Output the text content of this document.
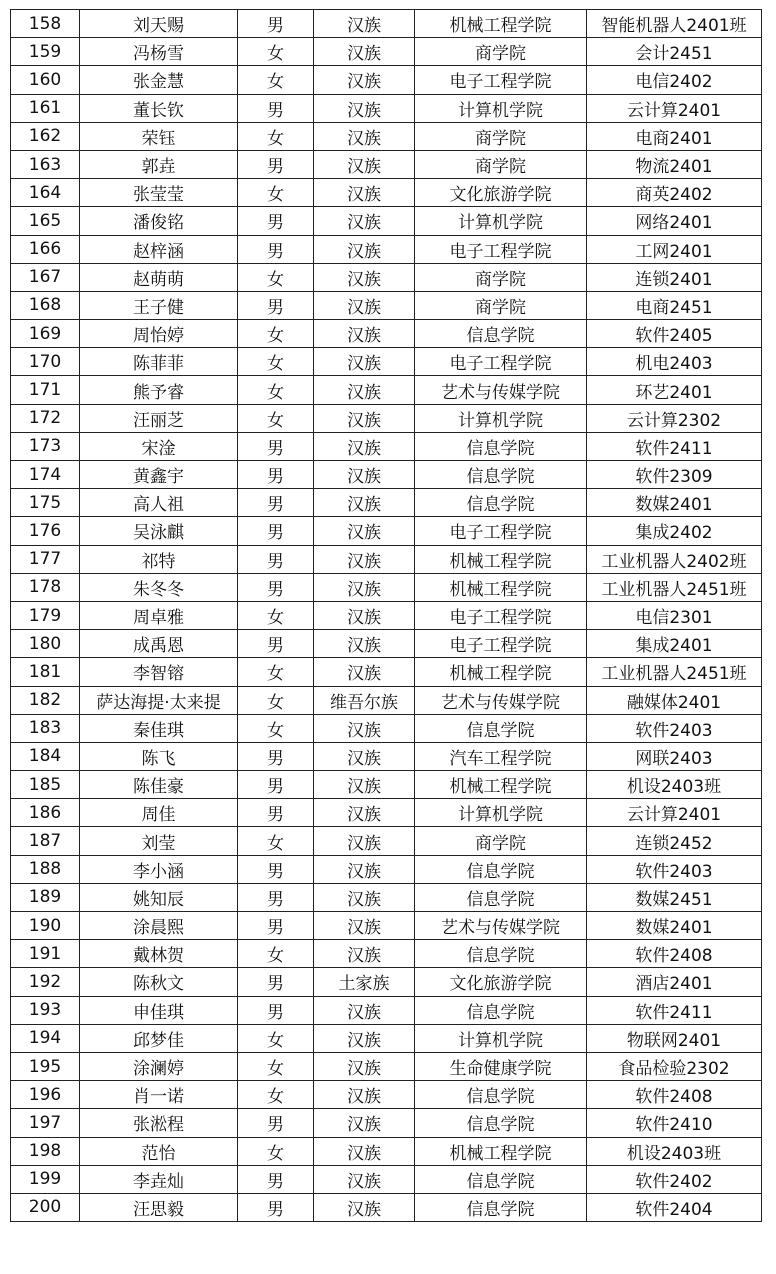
158	刘天赐	男	汉族	机械工程学院	智能机器人2401班
159	冯杨雪	女	汉族	商学院	会计2451
160	张金慧	女	汉族	电子工程学院	电信2402
161	董长钦	男	汉族	计算机学院	云计算2401
162	荣钰	女	汉族	商学院	电商2401
163	郭垚	男	汉族	商学院	物流2401
164	张莹莹	女	汉族	文化旅游学院	商英2402
165	潘俊铭	男	汉族	计算机学院	网络2401
166	赵梓涵	男	汉族	电子工程学院	工网2401
167	赵萌萌	女	汉族	商学院	连锁2401
168	王子健	男	汉族	商学院	电商2451
169	周怡婷	女	汉族	信息学院	软件2405
170	陈菲菲	女	汉族	电子工程学院	机电2403
171	熊予睿	女	汉族	艺术与传媒学院	环艺2401
172	汪丽芝	女	汉族	计算机学院	云计算2302
173	宋淦	男	汉族	信息学院	软件2411
174	黄鑫宇	男	汉族	信息学院	软件2309
175	高人祖	男	汉族	信息学院	数媒2401
176	吴泳麒	男	汉族	电子工程学院	集成2402
177	祁特	男	汉族	机械工程学院	工业机器人2402班
178	朱冬冬	男	汉族	机械工程学院	工业机器人2451班
179	周卓雅	女	汉族	电子工程学院	电信2301
180	成禹恩	男	汉族	电子工程学院	集成2401
181	李智镕	女	汉族	机械工程学院	工业机器人2451班
182	萨达海提·太来提	女	维吾尔族	艺术与传媒学院	融媒体2401
183	秦佳琪	女	汉族	信息学院	软件2403
184	陈飞	男	汉族	汽车工程学院	网联2403
185	陈佳豪	男	汉族	机械工程学院	机设2403班
186	周佳	男	汉族	计算机学院	云计算2401
187	刘莹	女	汉族	商学院	连锁2452
188	李小涵	男	汉族	信息学院	软件2403
189	姚知辰	男	汉族	信息学院	数媒2451
190	涂晨熙	男	汉族	艺术与传媒学院	数媒2401
191	戴林贺	女	汉族	信息学院	软件2408
192	陈秋文	男	土家族	文化旅游学院	酒店2401
193	申佳琪	男	汉族	信息学院	软件2411
194	邱梦佳	女	汉族	计算机学院	物联网2401
195	涂澜婷	女	汉族	生命健康学院	食品检验2302
196	肖一诺	女	汉族	信息学院	软件2408
197	张淞程	男	汉族	信息学院	软件2410
198	范怡	女	汉族	机械工程学院	机设2403班
199	李垚灿	男	汉族	信息学院	软件2402
200	汪思毅	男	汉族	信息学院	软件2404
